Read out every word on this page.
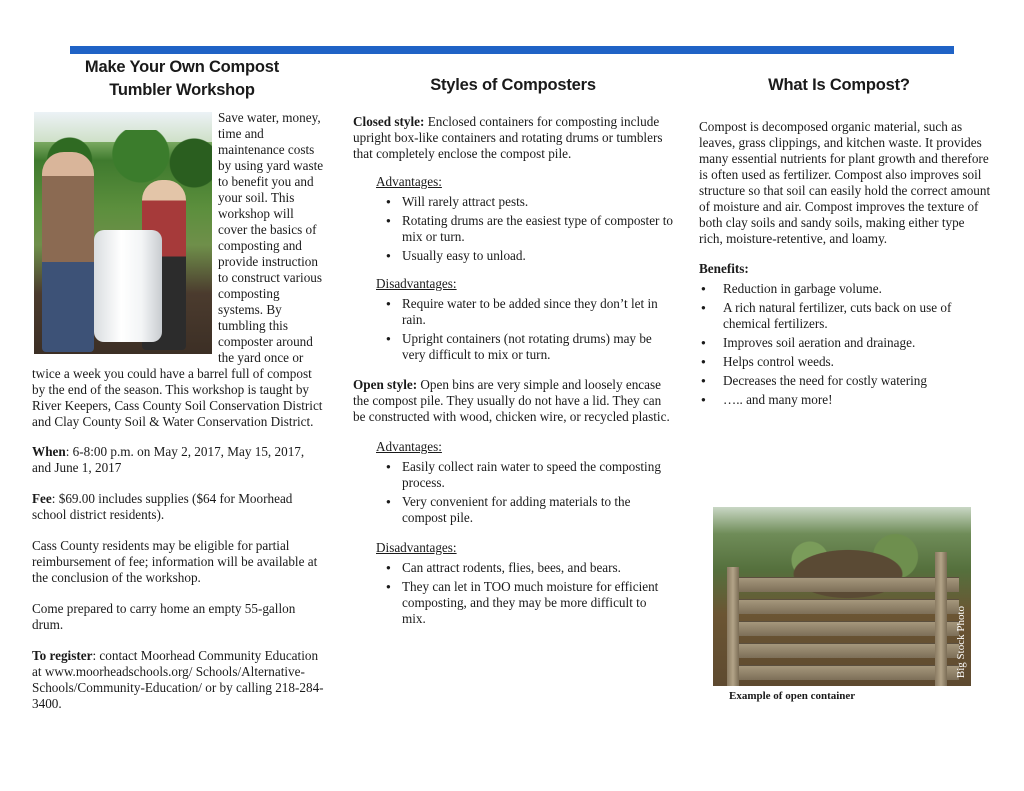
Make Your Own Compost
Tumbler Workshop

Save water, money, time and maintenance costs by using yard waste to benefit you and your soil. This workshop will cover the basics of composting and provide instruction to construct various composting systems. By tumbling this composter around the yard once or twice a week you could have a barrel full of compost by the end of the season. This workshop is taught by River Keepers, Cass County Soil Conservation District and Clay County Soil & Water Conservation District.

When: 6-8:00 p.m. on May 2, 2017, May 15, 2017, and June 1, 2017

Fee: $69.00 includes supplies ($64 for Moorhead school district residents).

Cass County residents may be eligible for partial reimbursement of fee; information will be available at the conclusion of the workshop.

Come prepared to carry home an empty 55-gallon drum.

To register: contact Moorhead Community Education at www.moorheadschools.org/ Schools/Alternative-Schools/Community-Education/ or by calling 218-284-3400.

Styles of Composters

Closed style: Enclosed containers for composting include upright box-like containers and rotating drums or tumblers that completely enclose the compost pile.

Advantages:
● Will rarely attract pests.
● Rotating drums are the easiest type of composter to mix or turn.
● Usually easy to unload.
Disadvantages:
● Require water to be added since they don’t let in rain.
● Upright containers (not rotating drums) may be very difficult to mix or turn.

Open style: Open bins are very simple and loosely encase the compost pile. They usually do not have a lid. They can be constructed with wood, chicken wire, or recycled plastic.

Advantages:
● Easily collect rain water to speed the composting process.
● Very convenient for adding materials to the compost pile.
Disadvantages:
● Can attract rodents, flies, bees, and bears.
● They can let in TOO much moisture for efficient composting, and they may be more difficult to mix.
What Is Compost?

Compost is decomposed organic material, such as leaves, grass clippings, and kitchen waste. It provides many essential nutrients for plant growth and therefore is often used as fertilizer. Compost also improves soil structure so that soil can easily hold the correct amount of moisture and air. Compost improves the texture of both clay soils and sandy soils, making either type rich, moisture-retentive, and loamy.

Benefits:

● Reduction in garbage volume.
● A rich natural fertilizer, cuts back on use of chemical fertilizers.
● Improves soil aeration and drainage.
● Helps control weeds.
● Decreases the need for costly watering
● ….. and many more!
Big Stock Photo
Example of open container
